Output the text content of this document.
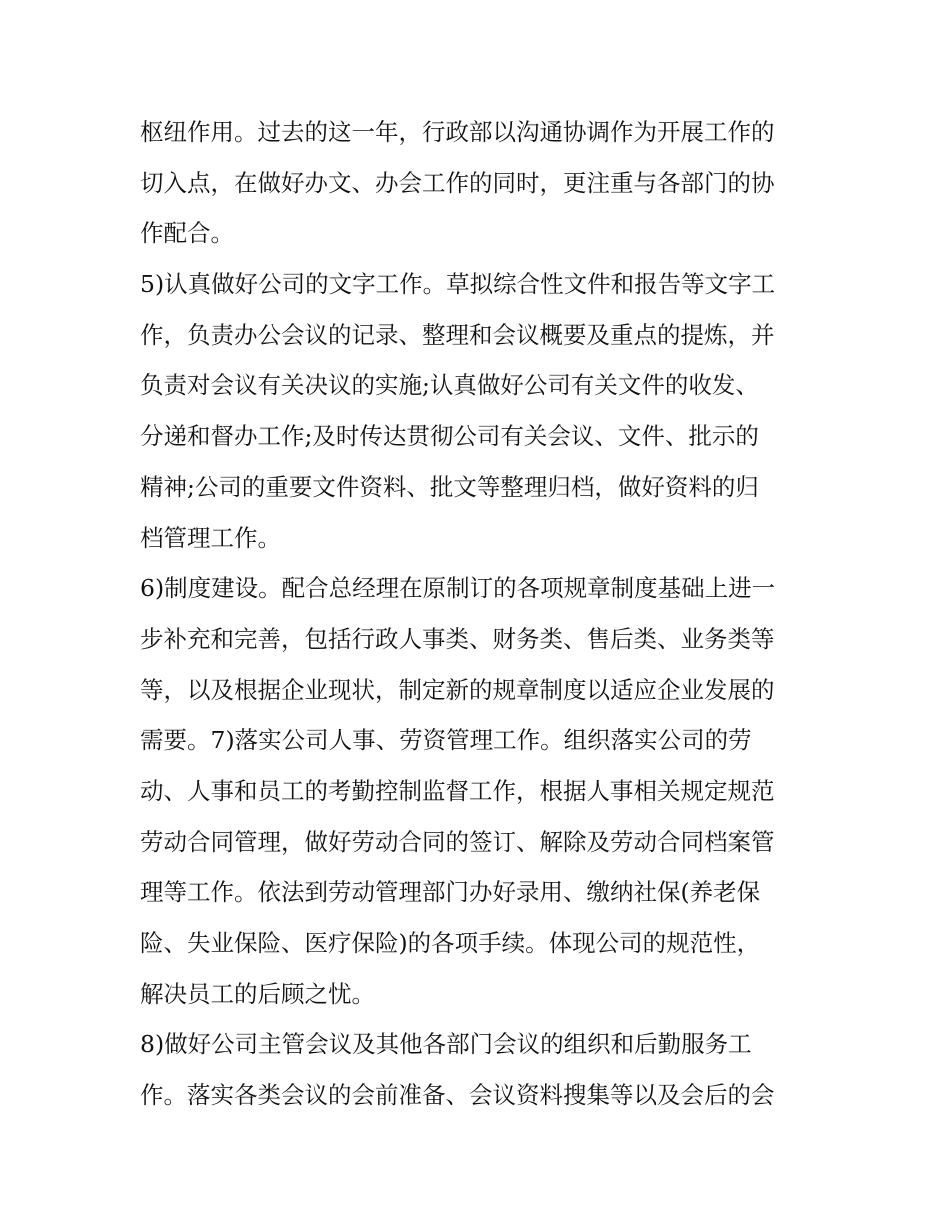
枢纽作用。过去的这一年，行政部以沟通协调作为开展工作的
切入点，在做好办文、办会工作的同时，更注重与各部门的协
作配合。
5)认真做好公司的文字工作。草拟综合性文件和报告等文字工
作，负责办公会议的记录、整理和会议概要及重点的提炼，并
负责对会议有关决议的实施;认真做好公司有关文件的收发、
分递和督办工作;及时传达贯彻公司有关会议、文件、批示的
精神;公司的重要文件资料、批文等整理归档，做好资料的归
档管理工作。
6)制度建设。配合总经理在原制订的各项规章制度基础上进一
步补充和完善，包括行政人事类、财务类、售后类、业务类等
等，以及根据企业现状，制定新的规章制度以适应企业发展的
需要。7)落实公司人事、劳资管理工作。组织落实公司的劳
动、人事和员工的考勤控制监督工作，根据人事相关规定规范
劳动合同管理，做好劳动合同的签订、解除及劳动合同档案管
理等工作。依法到劳动管理部门办好录用、缴纳社保(养老保
险、失业保险、医疗保险)的各项手续。体现公司的规范性，
解决员工的后顾之忧。
8)做好公司主管会议及其他各部门会议的组织和后勤服务工
作。落实各类会议的会前准备、会议资料搜集等以及会后的会
